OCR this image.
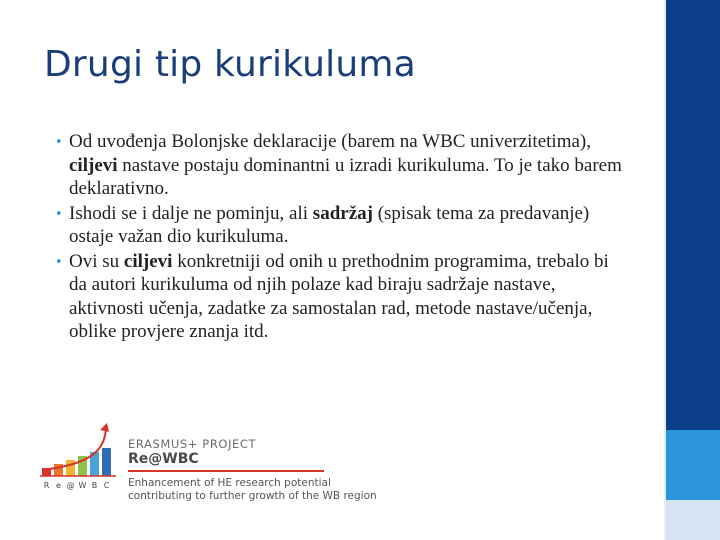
Drugi tip kurikuluma
• Od uvođenja Bolonjske deklaracije (barem na WBC univerzitetima), ciljevi nastave postaju dominantni u izradi kurikuluma. To je tako barem deklarativno.
• Ishodi se i dalje ne pominju, ali sadržaj (spisak tema za predavanje) ostaje važan dio kurikuluma.
• Ovi su ciljevi konkretniji od onih u prethodnim programima, trebalo bi da autori kurikuluma od njih polaze kad biraju sadržaje nastave, aktivnosti učenja, zadatke za samostalan rad, metode nastave/učenja, oblike provjere znanja itd.
R e @ W B C
ERASMUS+ PROJECT
Re@WBC
Enhancement of HE research potential
contributing to further growth of the WB region
